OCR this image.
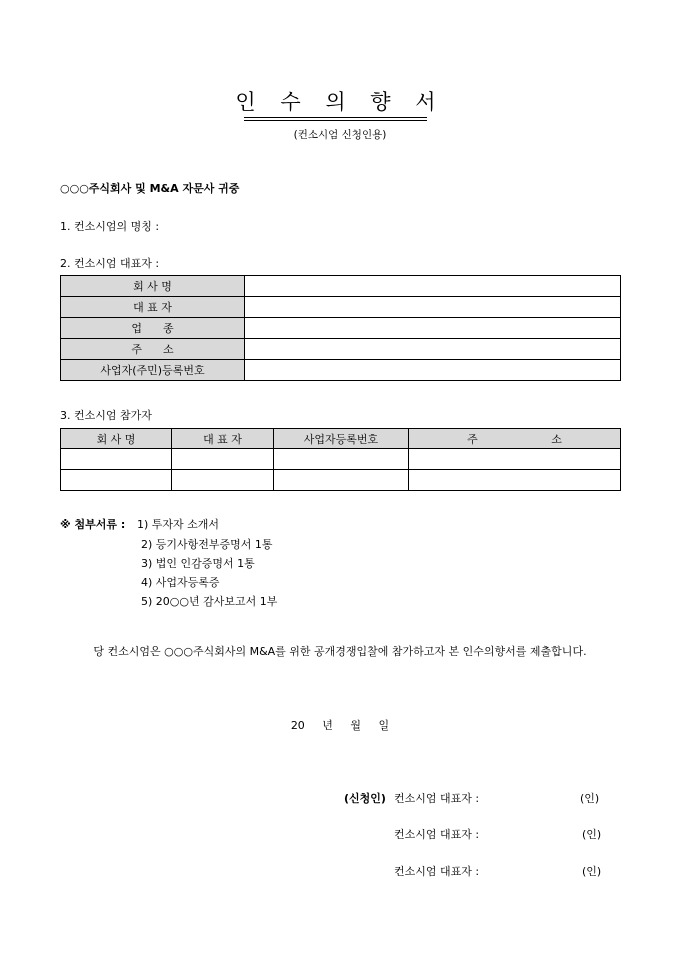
인 수 의 향 서
(컨소시엄 신청인용)
○○○주식회사 및 M&A 자문사 귀중
1. 컨소시엄의 명칭 :
2. 컨소시엄 대표자 :
회 사 명	
대 표 자	
업      종	
주      소	
사업자(주민)등록번호	
3. 컨소시엄 참가자
회 사 명	대 표 자	사업자등록번호	주                     소

※ 첨부서류 : 1) 투자자 소개서
2) 등기사항전부증명서 1통
3) 법인 인감증명서 1통
4) 사업자등록증
5) 20○○년 감사보고서 1부
당 컨소시엄은 ○○○주식회사의 M&A를 위한 공개경쟁입찰에 참가하고자 본 인수의향서를 제출합니다.
20 년 월 일
(신청인) 컨소시엄 대표자 :	(인)
컨소시엄 대표자 :	(인)
컨소시엄 대표자 :	(인)
